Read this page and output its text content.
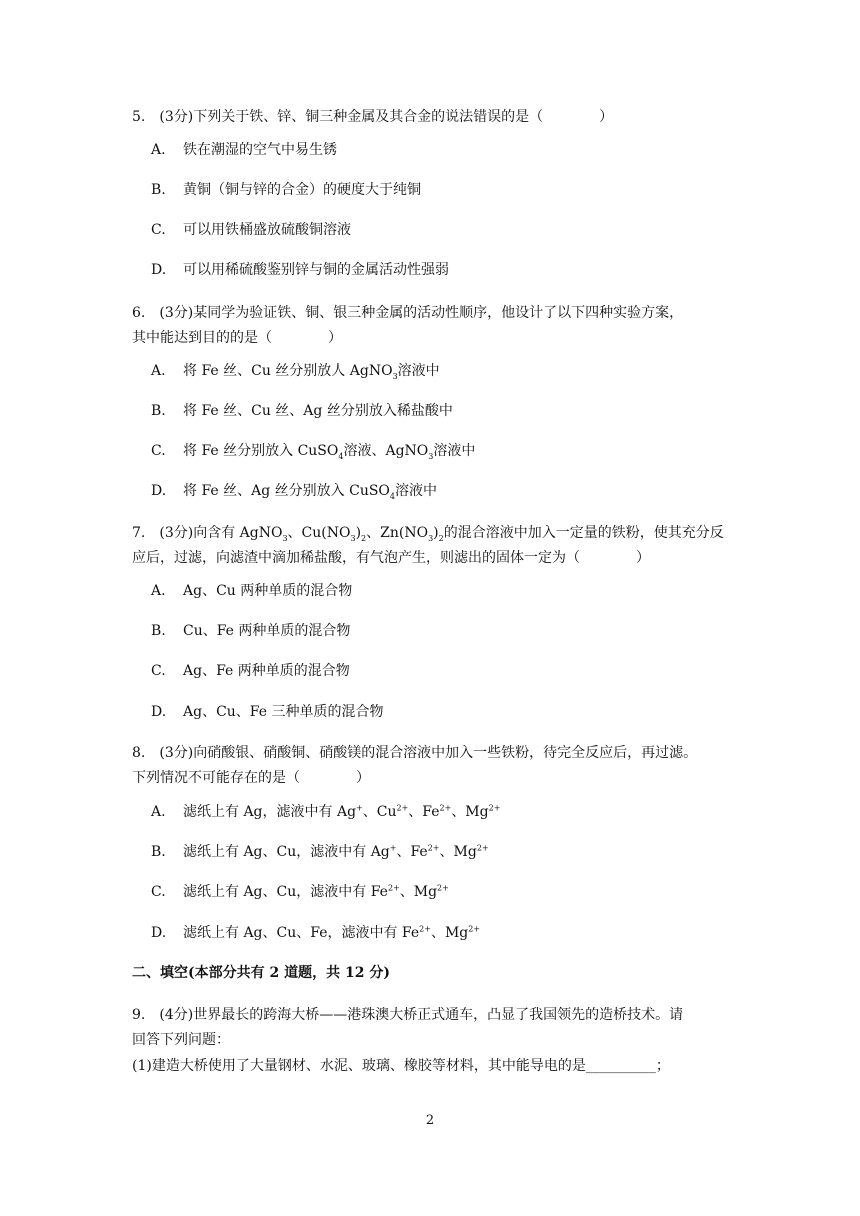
5.　(3分)下列关于铁、锌、铜三种金属及其合金的说法错误的是（　　　　）
A. 铁在潮湿的空气中易生锈
B. 黄铜（铜与锌的合金）的硬度大于纯铜
C. 可以用铁桶盛放硫酸铜溶液
D. 可以用稀硫酸鉴别锌与铜的金属活动性强弱
6.　(3分)某同学为验证铁、铜、银三种金属的活动性顺序，他设计了以下四种实验方案，
其中能达到目的的是（　　　　）
A. 将 Fe 丝、Cu 丝分别放人 AgNO$_3$溶液中
B. 将 Fe 丝、Cu 丝、Ag 丝分别放入稀盐酸中
C. 将 Fe 丝分别放入 CuSO$_4$溶液、AgNO$_3$溶液中
D. 将 Fe 丝、Ag 丝分别放入 CuSO$_4$溶液中
7.　(3分)向含有 AgNO$_3$、$Cu(NO_3)_2$、$Zn(NO_3)_2$的混合溶液中加入一定量的铁粉，使其充分反
应后，过滤，向滤渣中滴加稀盐酸，有气泡产生，则滤出的固体一定为（　　　　）
A. Ag、Cu 两种单质的混合物
B. Cu、Fe 两种单质的混合物
C. Ag、Fe 两种单质的混合物
D. Ag、Cu、Fe 三种单质的混合物
8.　(3分)向硝酸银、硝酸铜、硝酸镁的混合溶液中加入一些铁粉，待完全反应后，再过滤。
下列情况不可能存在的是（　　　　）
A. 滤纸上有 Ag，滤液中有 Ag+、$Cu^{2+}$、$Fe^{2+}$、$Mg^{2+}$
B. 滤纸上有 Ag、Cu，滤液中有 Ag+、$Fe^{2+}$、$Mg^{2+}$
C. 滤纸上有 Ag、Cu，滤液中有 $Fe^{2+}$、$Mg^{2+}$
D. 滤纸上有 Ag、Cu、Fe，滤液中有 $Fe^{2+}$、$Mg^{2+}$
二、填空(本部分共有 2 道题，共 12 分)
9.　(4分)世界最长的跨海大桥——港珠澳大桥正式通车，凸显了我国领先的造桥技术。请
回答下列问题：
(1)建造大桥使用了大量钢材、水泥、玻璃、橡胶等材料，其中能导电的是__________；
2
